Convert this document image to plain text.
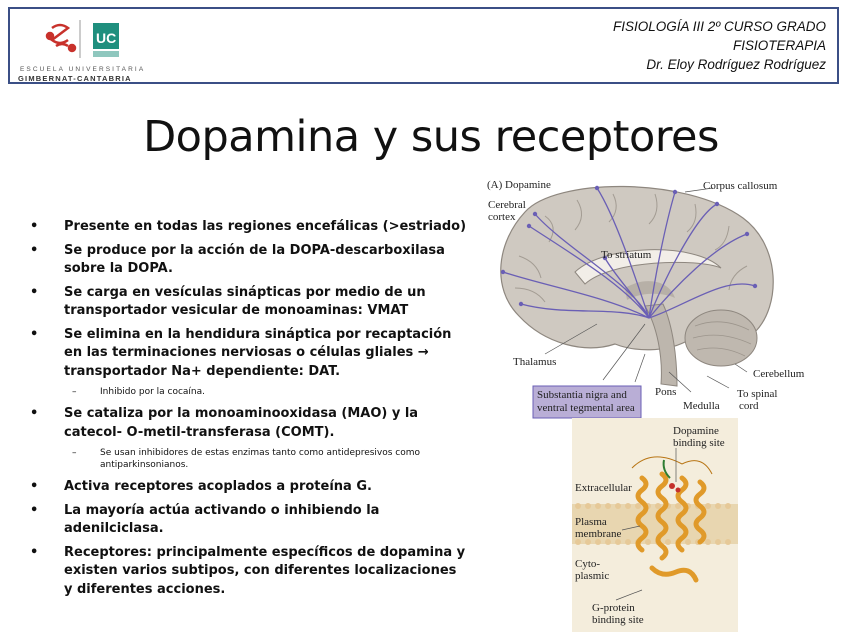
UC
ESCUELA UNIVERSITARIA
GIMBERNAT-CANTABRIA
FISIOLOGÍA III 2º CURSO GRADO
FISIOTERAPIA
Dr. Eloy Rodríguez Rodríguez
Dopamina y sus receptores
• Presente en todas las regiones encefálicas (>estriado)
• Se produce por la acción de la DOPA-descarboxilasa sobre la DOPA.
• Se carga en vesículas sinápticas por medio de un transportador vesicular de monoaminas: VMAT
• Se elimina en la hendidura sináptica por recaptación en las terminaciones nerviosas o células gliales → transportador Na+ dependiente: DAT.
–	Inhibido por la cocaína.
• Se cataliza por la monoaminooxidasa (MAO) y la catecol- O-metil-transferasa (COMT).
–	Se usan inhibidores de estas enzimas tanto como antidepresivos como antiparkinsonianos.
• Activa receptores acoplados a proteína G.
• La mayoría actúa activando o inhibiendo la adenilciclasa.
• Receptores: principalmente específicos de dopamina y existen varios subtipos, con diferentes localizaciones y diferentes acciones.
(A) Dopamine
Cerebral
cortex
Corpus callosum
To striatum
Thalamus
Cerebellum
Pons
Medulla
To spinal
cord
Substantia nigra and
ventral tegmental area
Dopamine
binding site
Extracellular
Plasma
membrane
Cyto-
plasmic
G-protein
binding site
